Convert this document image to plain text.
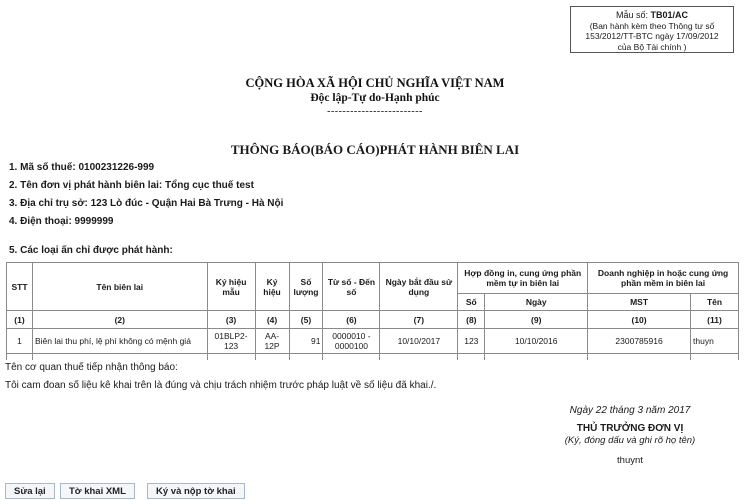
Mẫu số: TB01/AC
(Ban hành kèm theo Thông tư số
153/2012/TT-BTC ngày 17/09/2012
của Bộ Tài chính )
CỘNG HÒA XÃ HỘI CHỦ NGHĨA VIỆT NAM
Độc lập-Tự do-Hạnh phúc
-------------------------
THÔNG BÁO(BÁO CÁO)PHÁT HÀNH BIÊN LAI
1. Mã số thuế: 0100231226-999
2. Tên đơn vị phát hành biên lai: Tổng cục thuế test
3. Địa chỉ trụ sở: 123 Lò đúc - Quận Hai Bà Trưng - Hà Nội
4. Điện thoại: 9999999
5. Các loại ấn chỉ được phát hành:
STT	Tên biên lai	Ký hiệu mẫu	Ký hiệu	Số lượng	Từ số - Đến số	Ngày bắt đầu sử dụng	Hợp đồng in, cung ứng phần mềm tự in biên lai		Doanh nghiệp in hoặc cung ứng phần mềm in biên lai	
							Số	Ngày	MST	Tên
(1)	(2)	(3)	(4)	(5)	(6)	(7)	(8)	(9)	(10)	(11)
1	Biên lai thu phí, lệ phí không có mệnh giá	01BLP2-123	AA-12P	91	0000010 - 0000100	10/10/2017	123	10/10/2016	2300785916	thuyn

Tên cơ quan thuế tiếp nhận thông báo:
Tôi cam đoan số liệu kê khai trên là đúng và chịu trách nhiệm trước pháp luật về số liệu đã khai./.
Ngày 22 tháng 3 năm 2017
THỦ TRƯỞNG ĐƠN VỊ
(Ký, đóng dấu và ghi rõ họ tên)
thuynt
Sửa lại	Tờ khai XML	Ký và nộp tờ khai
